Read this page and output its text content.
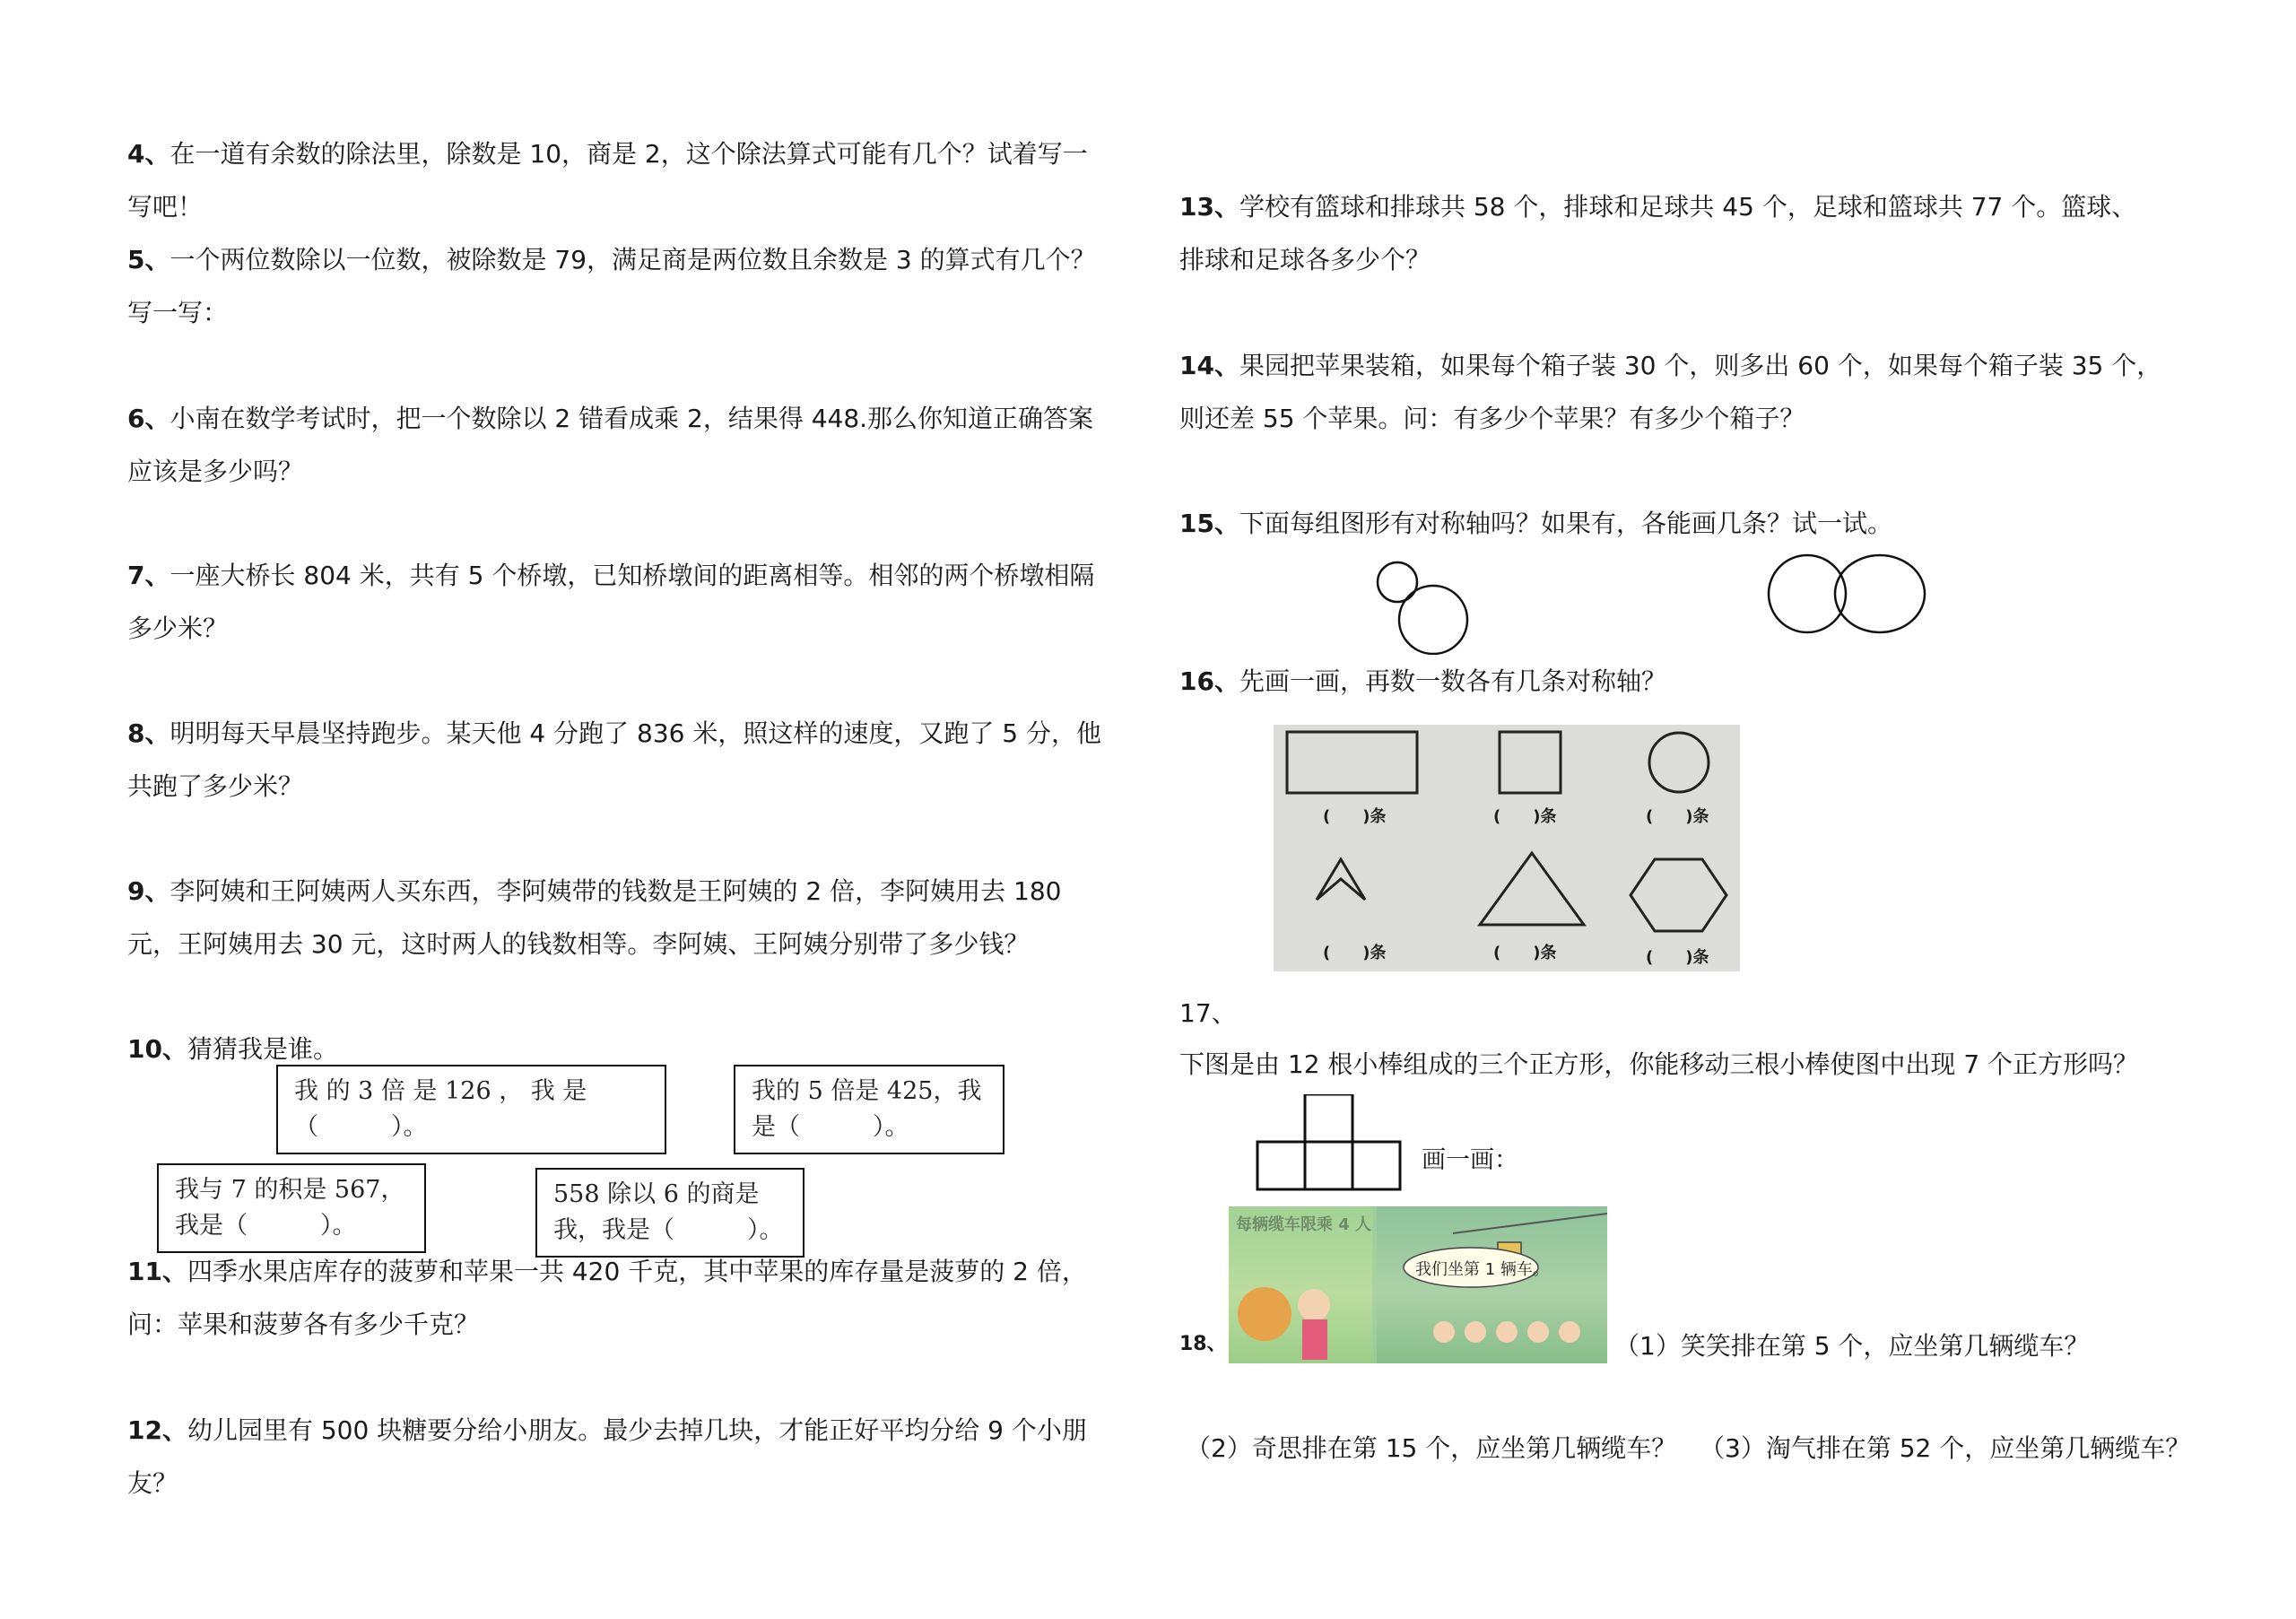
4、在一道有余数的除法里，除数是 10，商是 2，这个除法算式可能有几个？试着写一

写吧！

5、一个两位数除以一位数，被除数是 79，满足商是两位数且余数是 3 的算式有几个？

写一写：

6、小南在数学考试时，把一个数除以 2 错看成乘 2，结果得 448.那么你知道正确答案

应该是多少吗？

7、一座大桥长 804 米，共有 5 个桥墩，已知桥墩间的距离相等。相邻的两个桥墩相隔

多少米？

8、明明每天早晨坚持跑步。某天他 4 分跑了 836 米，照这样的速度，又跑了 5 分，他

共跑了多少米？

9、李阿姨和王阿姨两人买东西，李阿姨带的钱数是王阿姨的 2 倍，李阿姨用去 180

元，王阿姨用去 30 元，这时两人的钱数相等。李阿姨、王阿姨分别带了多少钱？

10、猜猜我是谁。

我 的 3 倍 是 126 ， 我 是
（　　　）。
我的 5 倍是 425，我
是（　　　）。
我与 7 的积是 567，
我是（　　　）。
558 除以 6 的商是
我，我是（　　　）。

11、四季水果店库存的菠萝和苹果一共 420 千克，其中苹果的库存量是菠萝的 2 倍，

问：苹果和菠萝各有多少千克？

12、幼儿园里有 500 块糖要分给小朋友。最少去掉几块，才能正好平均分给 9 个小朋

友？

13、学校有篮球和排球共 58 个，排球和足球共 45 个，足球和篮球共 77 个。篮球、

排球和足球各多少个？

14、果园把苹果装箱，如果每个箱子装 30 个，则多出 60 个，如果每个箱子装 35 个，

则还差 55 个苹果。问：有多少个苹果？有多少个箱子？

15、下面每组图形有对称轴吗？如果有，各能画几条？试一试。

16、先画一画，再数一数各有几条对称轴？

(　　)条	(　　)条	(　　)条
(　　)条	(　　)条	(　　)条

17、

下图是由 12 根小棒组成的三个正方形，你能移动三根小棒使图中出现 7 个正方形吗？

画一画：

18、
我们坐第 1 辆车。

（1）笑笑排在第 5 个，应坐第几辆缆车？

（2）奇思排在第 15 个，应坐第几辆缆车？ （3）淘气排在第 52 个，应坐第几辆缆车？
